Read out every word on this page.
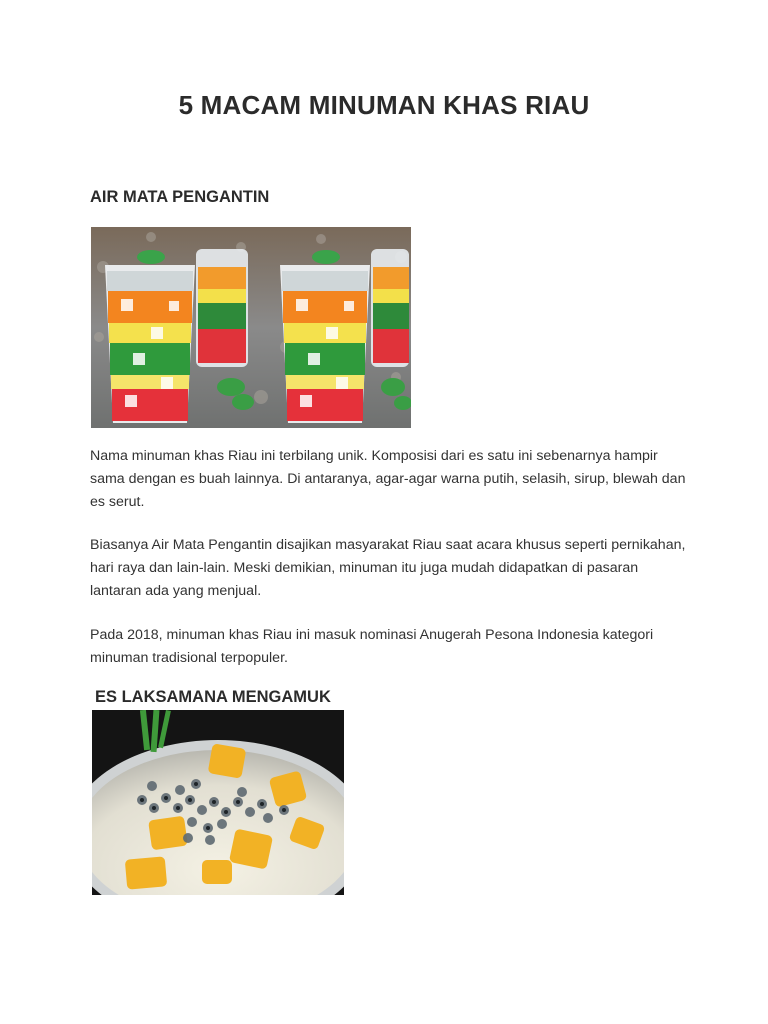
5 MACAM MINUMAN KHAS RIAU
AIR MATA PENGANTIN
Nama minuman khas Riau ini terbilang unik. Komposisi dari es satu ini sebenarnya hampir sama dengan es buah lainnya. Di antaranya, agar-agar warna putih, selasih, sirup, blewah dan es serut.
Biasanya Air Mata Pengantin disajikan masyarakat Riau saat acara khusus seperti pernikahan, hari raya dan lain-lain. Meski demikian, minuman itu juga mudah didapatkan di pasaran lantaran ada yang menjual.
Pada 2018, minuman khas Riau ini masuk nominasi Anugerah Pesona Indonesia kategori minuman tradisional terpopuler.
ES LAKSAMANA MENGAMUK
